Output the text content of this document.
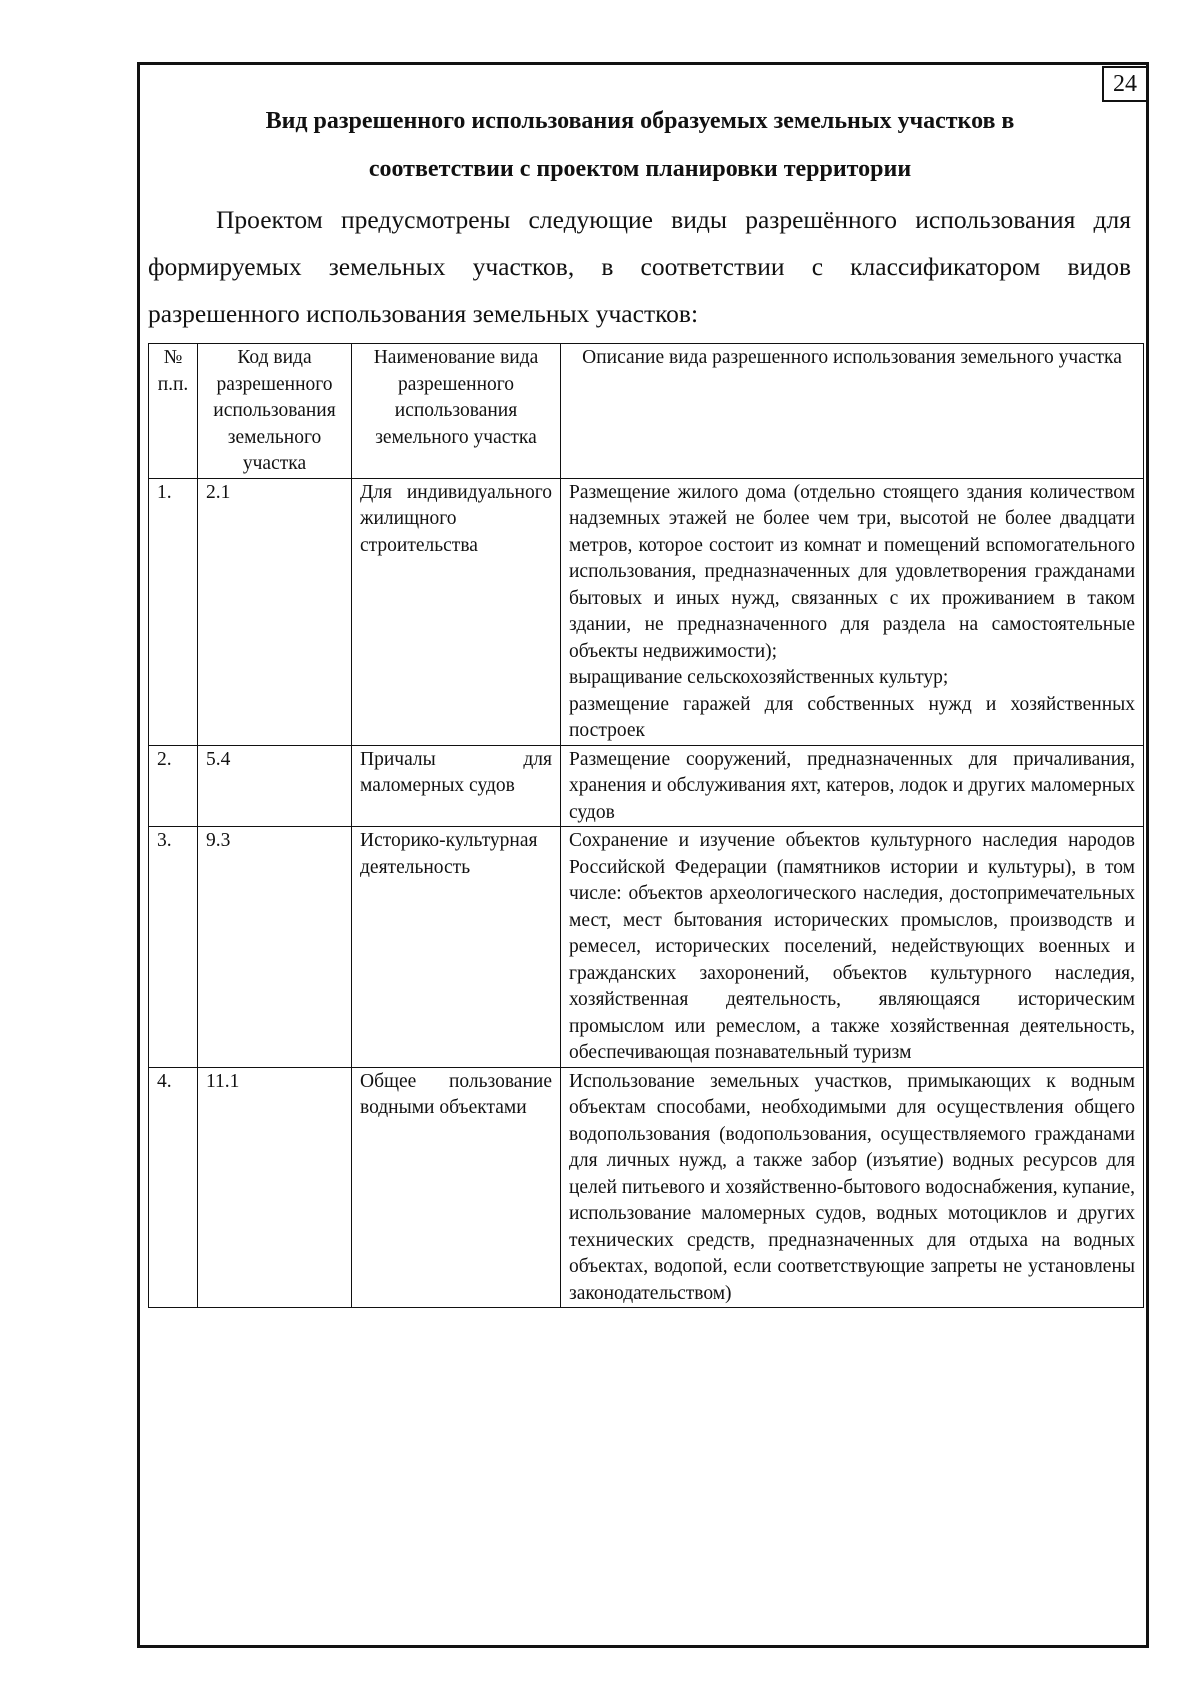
24
Вид разрешенного использования образуемых земельных участков в
соответствии с проектом планировки территории

Проектом предусмотрены следующие виды разрешённого использования для формируемых земельных участков, в соответствии с классификатором видов разрешенного использования земельных участков:

№ п.п.	Код вида разрешенного использования земельного участка	Наименование вида разрешенного использования земельного участка	Описание вида разрешенного использования земельного участка
1.	2.1	Для индивидуального жилищного строительства	Размещение жилого дома (отдельно стоящего здания количеством надземных этажей не более чем три, высотой не более двадцати метров, которое состоит из комнат и помещений вспомогательного использования, предназначенных для удовлетворения гражданами бытовых и иных нужд, связанных с их проживанием в таком здании, не предназначенного для раздела на самостоятельные объекты недвижимости);
выращивание сельскохозяйственных культур;
размещение гаражей для собственных нужд и хозяйственных построек

2.	5.4	Причалы для маломерных судов	Размещение сооружений, предназначенных для причаливания, хранения и обслуживания яхт, катеров, лодок и других маломерных судов

3.	9.3	Историко-культурная деятельность	Сохранение и изучение объектов культурного наследия народов Российской Федерации (памятников истории и культуры), в том числе: объектов археологического наследия, достопримечательных мест, мест бытования исторических промыслов, производств и ремесел, исторических поселений, недействующих военных и гражданских захоронений, объектов культурного наследия, хозяйственная деятельность, являющаяся историческим промыслом или ремеслом, а также хозяйственная деятельность, обеспечивающая познавательный туризм

4.	11.1	Общее пользование водными объектами	Использование земельных участков, примыкающих к водным объектам способами, необходимыми для осуществления общего водопользования (водопользования, осуществляемого гражданами для личных нужд, а также забор (изъятие) водных ресурсов для целей питьевого и хозяйственно-бытового водоснабжения, купание, использование маломерных судов, водных мотоциклов и других технических средств, предназначенных для отдыха на водных объектах, водопой, если соответствующие запреты не установлены законодательством)
